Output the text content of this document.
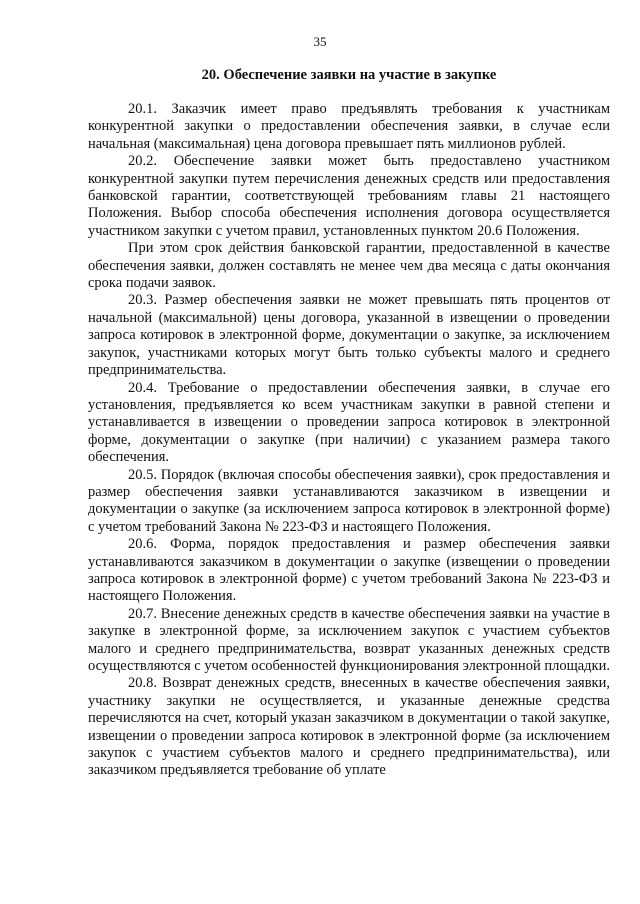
35
20. Обеспечение заявки на участие в закупке

20.1. Заказчик имеет право предъявлять требования к участникам конкурентной закупки о предоставлении обеспечения заявки, в случае если начальная (максимальная) цена договора превышает пять миллионов рублей.

20.2. Обеспечение заявки может быть предоставлено участником конкурентной закупки путем перечисления денежных средств или предоставления банковской гарантии, соответствующей требованиям главы 21 настоящего Положения. Выбор способа обеспечения исполнения договора осуществляется участником закупки с учетом правил, установленных пунктом 20.6 Положения.

При этом срок действия банковской гарантии, предоставленной в качестве обеспечения заявки, должен составлять не менее чем два месяца с даты окончания срока подачи заявок.

20.3. Размер обеспечения заявки не может превышать пять процентов от начальной (максимальной) цены договора, указанной в извещении о проведении запроса котировок в электронной форме, документации о закупке, за исключением закупок, участниками которых могут быть только субъекты малого и среднего предпринимательства.

20.4. Требование о предоставлении обеспечения заявки, в случае его установления, предъявляется ко всем участникам закупки в равной степени и устанавливается в извещении о проведении запроса котировок в электронной форме, документации о закупке (при наличии) с указанием размера такого обеспечения.

20.5. Порядок (включая способы обеспечения заявки), срок предоставления и размер обеспечения заявки устанавливаются заказчиком в извещении и документации о закупке (за исключением запроса котировок в электронной форме) с учетом требований Закона № 223-ФЗ и настоящего Положения.

20.6. Форма, порядок предоставления и размер обеспечения заявки устанавливаются заказчиком в документации о закупке (извещении о проведении запроса котировок в электронной форме) с учетом требований Закона № 223-ФЗ и настоящего Положения.

20.7. Внесение денежных средств в качестве обеспечения заявки на участие в закупке в электронной форме, за исключением закупок с участием субъектов малого и среднего предпринимательства, возврат указанных денежных средств осуществляются с учетом особенностей функционирования электронной площадки.

20.8. Возврат денежных средств, внесенных в качестве обеспечения заявки, участнику закупки не осуществляется, и указанные денежные средства перечисляются на счет, который указан заказчиком в документации о такой закупке, извещении о проведении запроса котировок в электронной форме (за исключением закупок с участием субъектов малого и среднего предпринимательства), или заказчиком предъявляется требование об уплате
